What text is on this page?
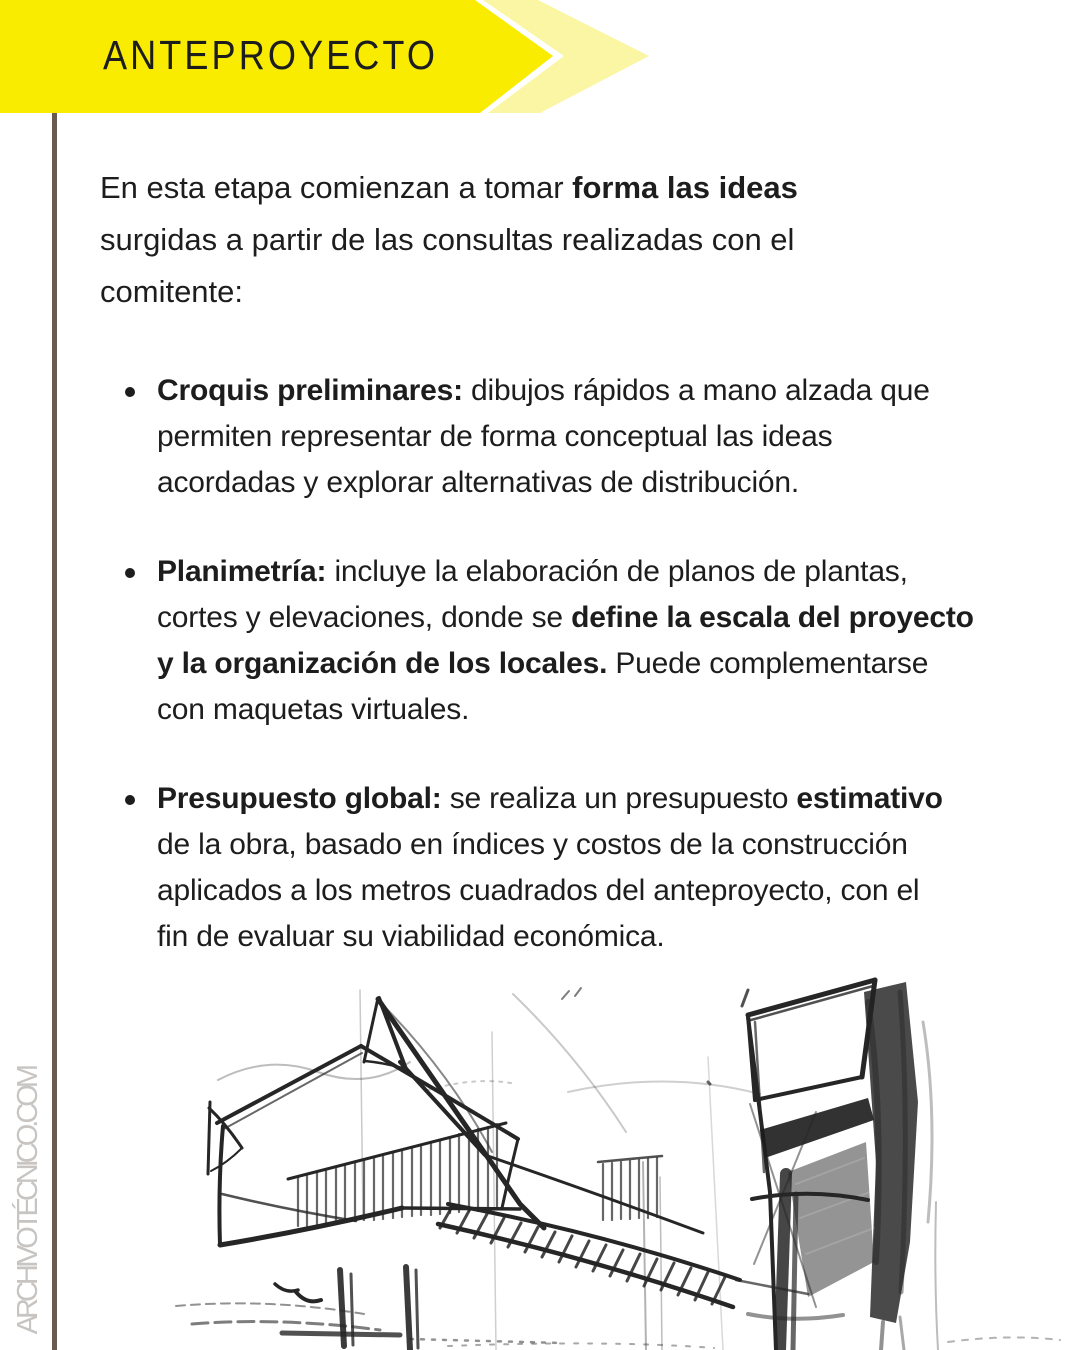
ANTEPROYECTO
ARCHIVOTÉCNICO.COM
En esta etapa comienzan a tomar forma las ideas
surgidas a partir de las consultas realizadas con el
comitente:
Croquis preliminares: dibujos rápidos a mano alzada que
permiten representar de forma conceptual las ideas
acordadas y explorar alternativas de distribución.
Planimetría: incluye la elaboración de planos de plantas,
cortes y elevaciones, donde se define la escala del proyecto
y la organización de los locales. Puede complementarse
con maquetas virtuales.
Presupuesto global: se realiza un presupuesto estimativo
de la obra, basado en índices y costos de la construcción
aplicados a los metros cuadrados del anteproyecto, con el
fin de evaluar su viabilidad económica.
